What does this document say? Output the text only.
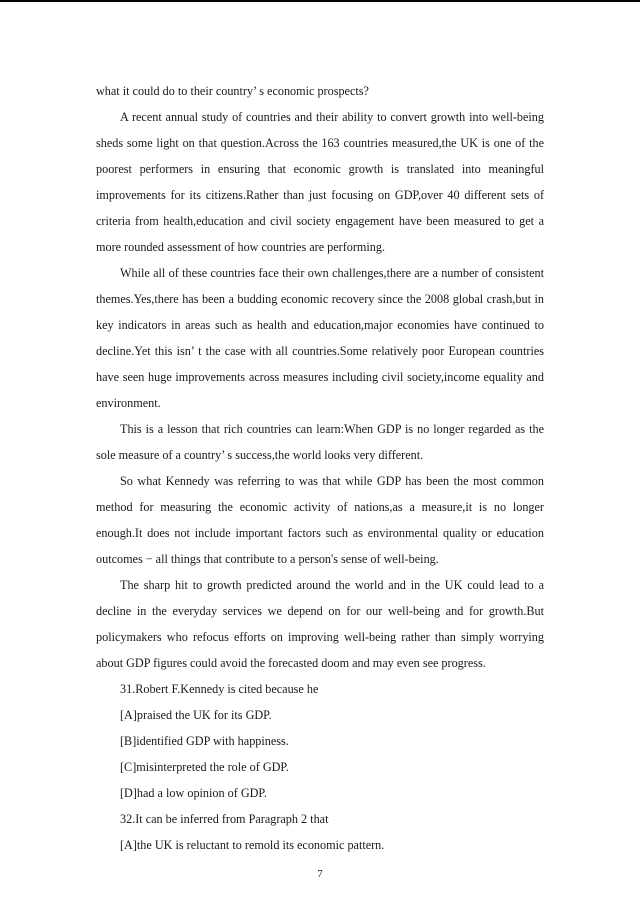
what it could do to their country’ s economic prospects?

A recent annual study of countries and their ability to convert growth into well-being sheds some light on that question.Across the 163 countries measured,the UK is one of the poorest performers in ensuring that economic growth is translated into meaningful improvements for its citizens.Rather than just focusing on GDP,over 40 different sets of criteria from health,education and civil society engagement have been measured to get a more rounded assessment of how countries are performing.

While all of these countries face their own challenges,there are a number of consistent themes.Yes,there has been a budding economic recovery since the 2008 global crash,but in key indicators in areas such as health and education,major economies have continued to decline.Yet this isn’ t the case with all countries.Some relatively poor European countries have seen huge improvements across measures including civil society,income equality and environment.

This is a lesson that rich countries can learn:When GDP is no longer regarded as the sole measure of a country’ s success,the world looks very different.

So what Kennedy was referring to was that while GDP has been the most common method for measuring the economic activity of nations,as a measure,it is no longer enough.It does not include important factors such as environmental quality or education outcomes − all things that contribute to a person's sense of well-being.

The sharp hit to growth predicted around the world and in the UK could lead to a decline in the everyday services we depend on for our well-being and for growth.But policymakers who refocus efforts on improving well-being rather than simply worrying about GDP figures could avoid the forecasted doom and may even see progress.

31.Robert F.Kennedy is cited because he

[A]praised the UK for its GDP.

[B]identified GDP with happiness.

[C]misinterpreted the role of GDP.

[D]had a low opinion of GDP.

32.It can be inferred from Paragraph 2 that

[A]the UK is reluctant to remold its economic pattern.

7
